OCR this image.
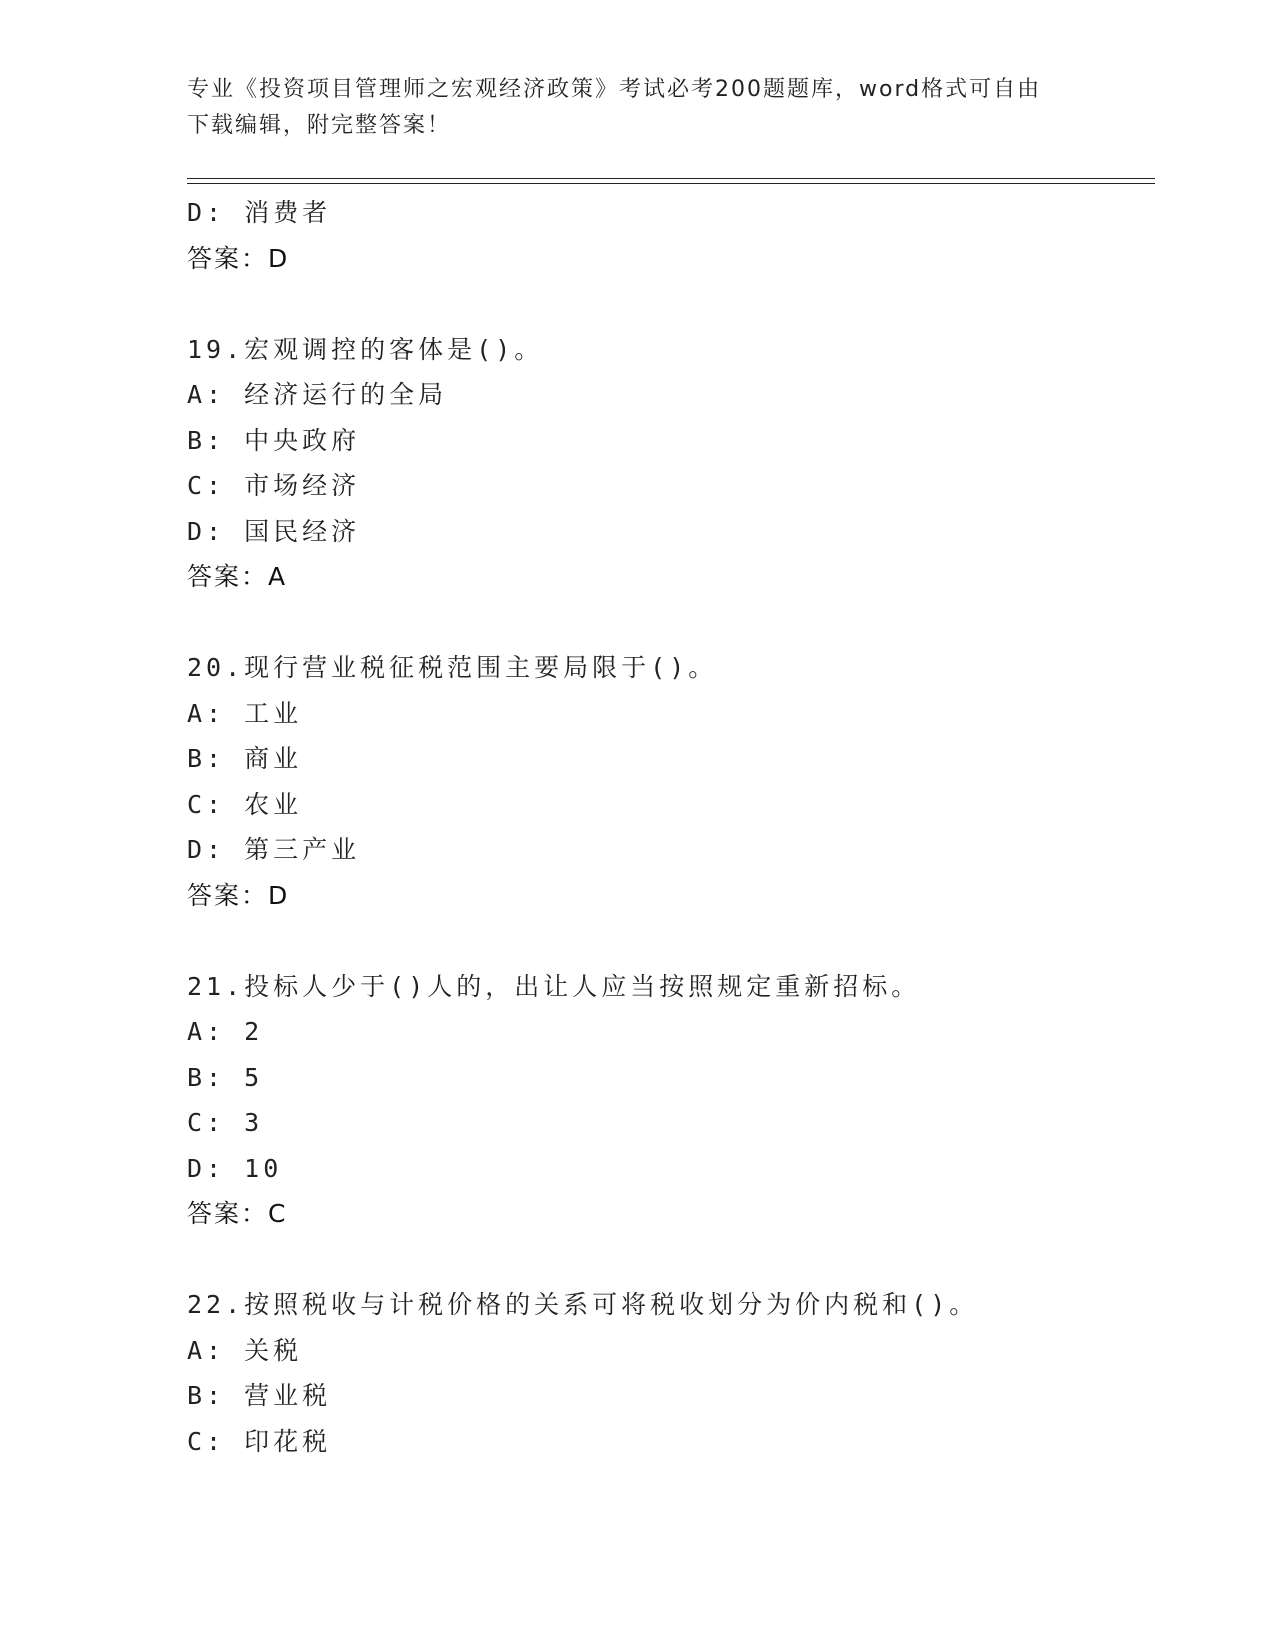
专业《投资项目管理师之宏观经济政策》考试必考200题题库，word格式可自由
下载编辑，附完整答案！
D: 消费者
答案：D
19.宏观调控的客体是()。
A: 经济运行的全局
B: 中央政府
C: 市场经济
D: 国民经济
答案：A
20.现行营业税征税范围主要局限于()。
A: 工业
B: 商业
C: 农业
D: 第三产业
答案：D
21.投标人少于()人的，出让人应当按照规定重新招标。
A: 2
B: 5
C: 3
D: 10
答案：C
22.按照税收与计税价格的关系可将税收划分为价内税和()。
A: 关税
B: 营业税
C: 印花税
